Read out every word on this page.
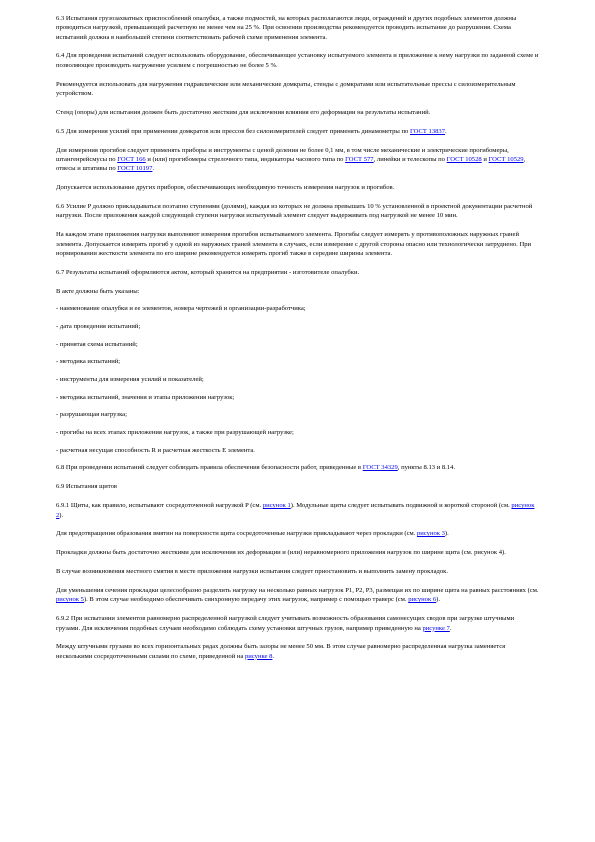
6.3 Испытания грузозахватных приспособлений опалубки, а также подмостей, на которых располагаются люди, ограждений и других подобных элементов должны проводиться нагрузкой, превышающей расчетную не менее чем на 25 %. При освоении производства рекомендуется проводить испытание до разрушения. Схема испытаний должна в наибольшей степени соответствовать рабочей схеме применения элемента.

6.4 Для проведения испытаний следует использовать оборудование, обеспечивающее установку испытуемого элемента и приложение к нему нагрузки по заданной схеме и позволяющее производить нагружение усилием с погрешностью не более 5 %.

Рекомендуется использовать для нагружения гидравлические или механические домкраты, стенды с домкратами или испытательные прессы с силоизмерительным устройством.

Стенд (опоры) для испытания должен быть достаточно жестким для исключения влияния его деформации на результаты испытаний.

6.5 Для измерения усилий при применении домкратов или прессов без силоизмерителей следует применять динамометры по ГОСТ 13837.

Для измерения прогибов следует применять приборы и инструменты с ценой деления не более 0,1 мм, в том числе механические и электрические прогибомеры, штангенрейсмусы по ГОСТ 166 и (или) прогибомеры стрелочного типа, индикаторы часового типа по ГОСТ 577, линейки и телескопы по ГОСТ 10528 и ГОСТ 10529, отвесы и штативы по ГОСТ 10197.

Допускается использование других приборов, обеспечивающих необходимую точность измерения нагрузок и прогибов.

6.6 Усилие P должно прикладываться поэтапно ступенями (долями), каждая из которых не должна превышать 10 % установленной в проектной документации расчетной нагрузки. После приложения каждой следующей ступени нагрузки испытуемый элемент следует выдерживать под нагрузкой не менее 10 мин.

На каждом этапе приложения нагрузки выполняют измерения прогибов испытываемого элемента. Прогибы следует измерять у противоположных наружных граней элемента. Допускается измерять прогиб у одной из наружных граней элемента в случаях, если измерение с другой стороны опасно или технологически затруднено. При нормировании жесткости элемента по его ширине рекомендуется измерять прогиб также в середине ширины элемента.

6.7 Результаты испытаний оформляются актом, который хранится на предприятии - изготовителе опалубки.

В акте должны быть указаны:

- наименование опалубки и ее элементов, номера чертежей и организации-разработчика;

- дата проведения испытаний;

- принятая схема испытаний;

- методика испытаний;

- инструменты для измерения усилий и показателей;

- методика испытаний, значения и этапы приложения нагрузок;

- разрушающая нагрузка;

- прогибы на всех этапах приложения нагрузок, а также при разрушающей нагрузке;

- расчетная несущая способность R и расчетная жесткость E элемента.

6.8 При проведении испытаний следует соблюдать правила обеспечения безопасности работ, приведенные в ГОСТ 34329, пункты 8.13 и 8.14.

6.9 Испытания щитов

6.9.1 Щиты, как правило, испытывают сосредоточенной нагрузкой P (см. рисунок 1). Модульные щиты следует испытывать подвижной и короткой стороной (см. рисунок 2).

Для предотвращения образования вмятин на поверхности щита сосредоточенные нагрузки прикладывают через прокладки (см. рисунок 3).

Прокладки должны быть достаточно жесткими для исключения их деформации и (или) неравномерного приложения нагрузок по ширине щита (см. рисунок 4).

В случае возникновения местного смятия в месте приложения нагрузки испытания следует приостановить и выполнить замену прокладок.

Для уменьшения сечения прокладки целесообразно разделить нагрузку на несколько равных нагрузок P1, P2, P3, размещая их по ширине щита на равных расстояниях (см. рисунок 5). В этом случае необходимо обеспечивать синхронную передачу этих нагрузок, например с помощью траверс (см. рисунок 6).

6.9.2 При испытании элементов равномерно распределенной нагрузкой следует учитывать возможность образования самонесущих сводов при загрузке штучными грузами. Для исключения подобных случаев необходимо соблюдать схему установки штучных грузов, например приведенную на рисунке 7.

Между штучными грузами во всех горизонтальных рядах должны быть зазоры не менее 50 мм. В этом случае равномерно распределенная нагрузка заменяется несколькими сосредоточенными силами по схеме, приведенной на рисунке 8.
